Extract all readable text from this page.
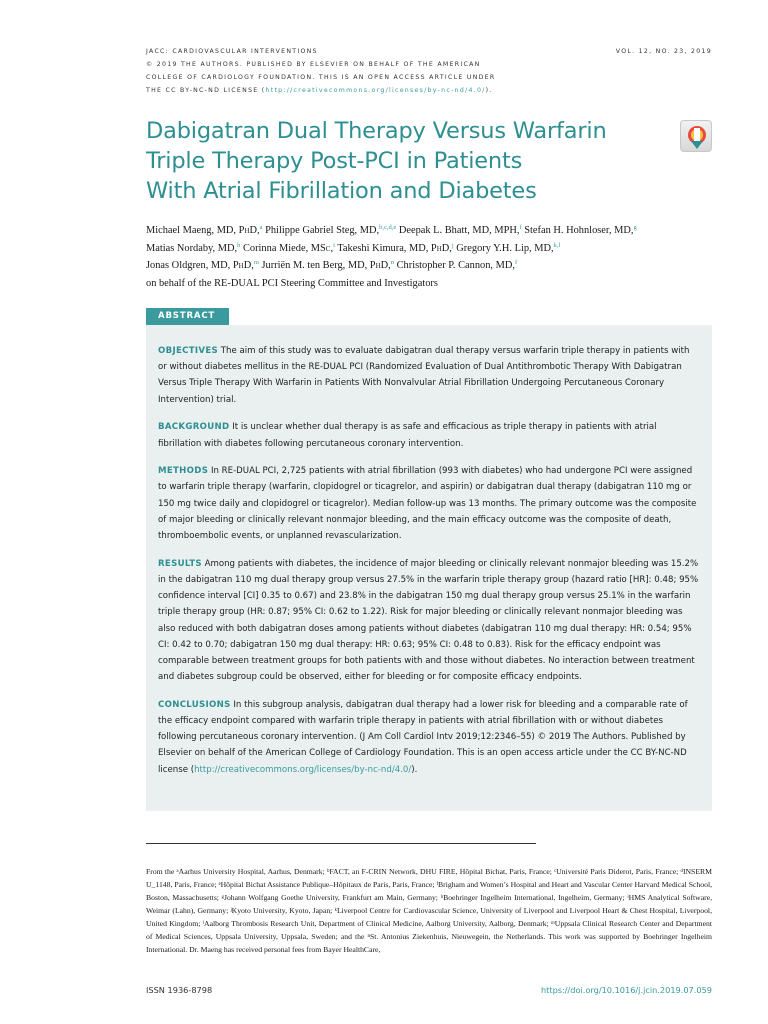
JACC: CARDIOVASCULAR INTERVENTIONS
© 2019 THE AUTHORS. PUBLISHED BY ELSEVIER ON BEHALF OF THE AMERICAN
COLLEGE OF CARDIOLOGY FOUNDATION. THIS IS AN OPEN ACCESS ARTICLE UNDER
THE CC BY-NC-ND LICENSE (http://creativecommons.org/licenses/by-nc-nd/4.0/).
VOL. 12, NO. 23, 2019
Dabigatran Dual Therapy Versus Warfarin
Triple Therapy Post-PCI in Patients
With Atrial Fibrillation and Diabetes
Michael Maeng, MD, PhD,$^a$ Philippe Gabriel Steg, MD,$^{b,c,d,e}$ Deepak L. Bhatt, MD, MPH,$^f$ Stefan H. Hohnloser, MD,$^g$
Matias Nordaby, MD,$^h$ Corinna Miede, MSc,$^i$ Takeshi Kimura, MD, PhD,$^j$ Gregory Y.H. Lip, MD,$^{k,l}$
Jonas Oldgren, MD, PhD,$^m$ Jurriën M. ten Berg, MD, PhD,$^n$ Christopher P. Cannon, MD,$^f$
on behalf of the RE-DUAL PCI Steering Committee and Investigators
ABSTRACT

OBJECTIVES The aim of this study was to evaluate dabigatran dual therapy versus warfarin triple therapy in patients with or without diabetes mellitus in the RE-DUAL PCI (Randomized Evaluation of Dual Antithrombotic Therapy With Dabigatran Versus Triple Therapy With Warfarin in Patients With Nonvalvular Atrial Fibrillation Undergoing Percutaneous Coronary Intervention) trial.

BACKGROUND It is unclear whether dual therapy is as safe and efficacious as triple therapy in patients with atrial fibrillation with diabetes following percutaneous coronary intervention.

METHODS In RE-DUAL PCI, 2,725 patients with atrial fibrillation (993 with diabetes) who had undergone PCI were assigned to warfarin triple therapy (warfarin, clopidogrel or ticagrelor, and aspirin) or dabigatran dual therapy (dabigatran 110 mg or 150 mg twice daily and clopidogrel or ticagrelor). Median follow-up was 13 months. The primary outcome was the composite of major bleeding or clinically relevant nonmajor bleeding, and the main efficacy outcome was the composite of death, thromboembolic events, or unplanned revascularization.

RESULTS Among patients with diabetes, the incidence of major bleeding or clinically relevant nonmajor bleeding was 15.2% in the dabigatran 110 mg dual therapy group versus 27.5% in the warfarin triple therapy group (hazard ratio [HR]: 0.48; 95% confidence interval [CI] 0.35 to 0.67) and 23.8% in the dabigatran 150 mg dual therapy group versus 25.1% in the warfarin triple therapy group (HR: 0.87; 95% CI: 0.62 to 1.22). Risk for major bleeding or clinically relevant nonmajor bleeding was also reduced with both dabigatran doses among patients without diabetes (dabigatran 110 mg dual therapy: HR: 0.54; 95% CI: 0.42 to 0.70; dabigatran 150 mg dual therapy: HR: 0.63; 95% CI: 0.48 to 0.83). Risk for the efficacy endpoint was comparable between treatment groups for both patients with and those without diabetes. No interaction between treatment and diabetes subgroup could be observed, either for bleeding or for composite efficacy endpoints.

CONCLUSIONS In this subgroup analysis, dabigatran dual therapy had a lower risk for bleeding and a comparable rate of the efficacy endpoint compared with warfarin triple therapy in patients with atrial fibrillation with or without diabetes following percutaneous coronary intervention. (J Am Coll Cardiol Intv 2019;12:2346–55) © 2019 The Authors. Published by Elsevier on behalf of the American College of Cardiology Foundation. This is an open access article under the CC BY-NC-ND license (http://creativecommons.org/licenses/by-nc-nd/4.0/).

From the ᵃAarhus University Hospital, Aarhus, Denmark; ᵇFACT, an F-CRIN Network, DHU FIRE, Hôpital Bichat, Paris, France; ᶜUniversité Paris Diderot, Paris, France; ᵈINSERM U_1148, Paris, France; ᵉHôpital Bichat Assistance Publique–Hôpitaux de Paris, Paris, France; ᶠBrigham and Women’s Hospital and Heart and Vascular Center Harvard Medical School, Boston, Massachusetts; ᵍJohann Wolfgang Goethe University, Frankfurt am Main, Germany; ʰBoehringer Ingelheim International, Ingelheim, Germany; ⁱHMS Analytical Software, Weimar (Lahn), Germany; ʲKyoto University, Kyoto, Japan; ᵏLiverpool Centre for Cardiovascular Science, University of Liverpool and Liverpool Heart & Chest Hospital, Liverpool, United Kingdom; ˡAalborg Thrombosis Research Unit, Department of Clinical Medicine, Aalborg University, Aalborg, Denmark; ᵐUppsala Clinical Research Center and Department of Medical Sciences, Uppsala University, Uppsala, Sweden; and the ⁿSt. Antonius Ziekenhuis, Nieuwegein, the Netherlands. This work was supported by Boehringer Ingelheim International. Dr. Maeng has received personal fees from Bayer HealthCare,
ISSN 1936-8798	https://doi.org/10.1016/j.jcin.2019.07.059
